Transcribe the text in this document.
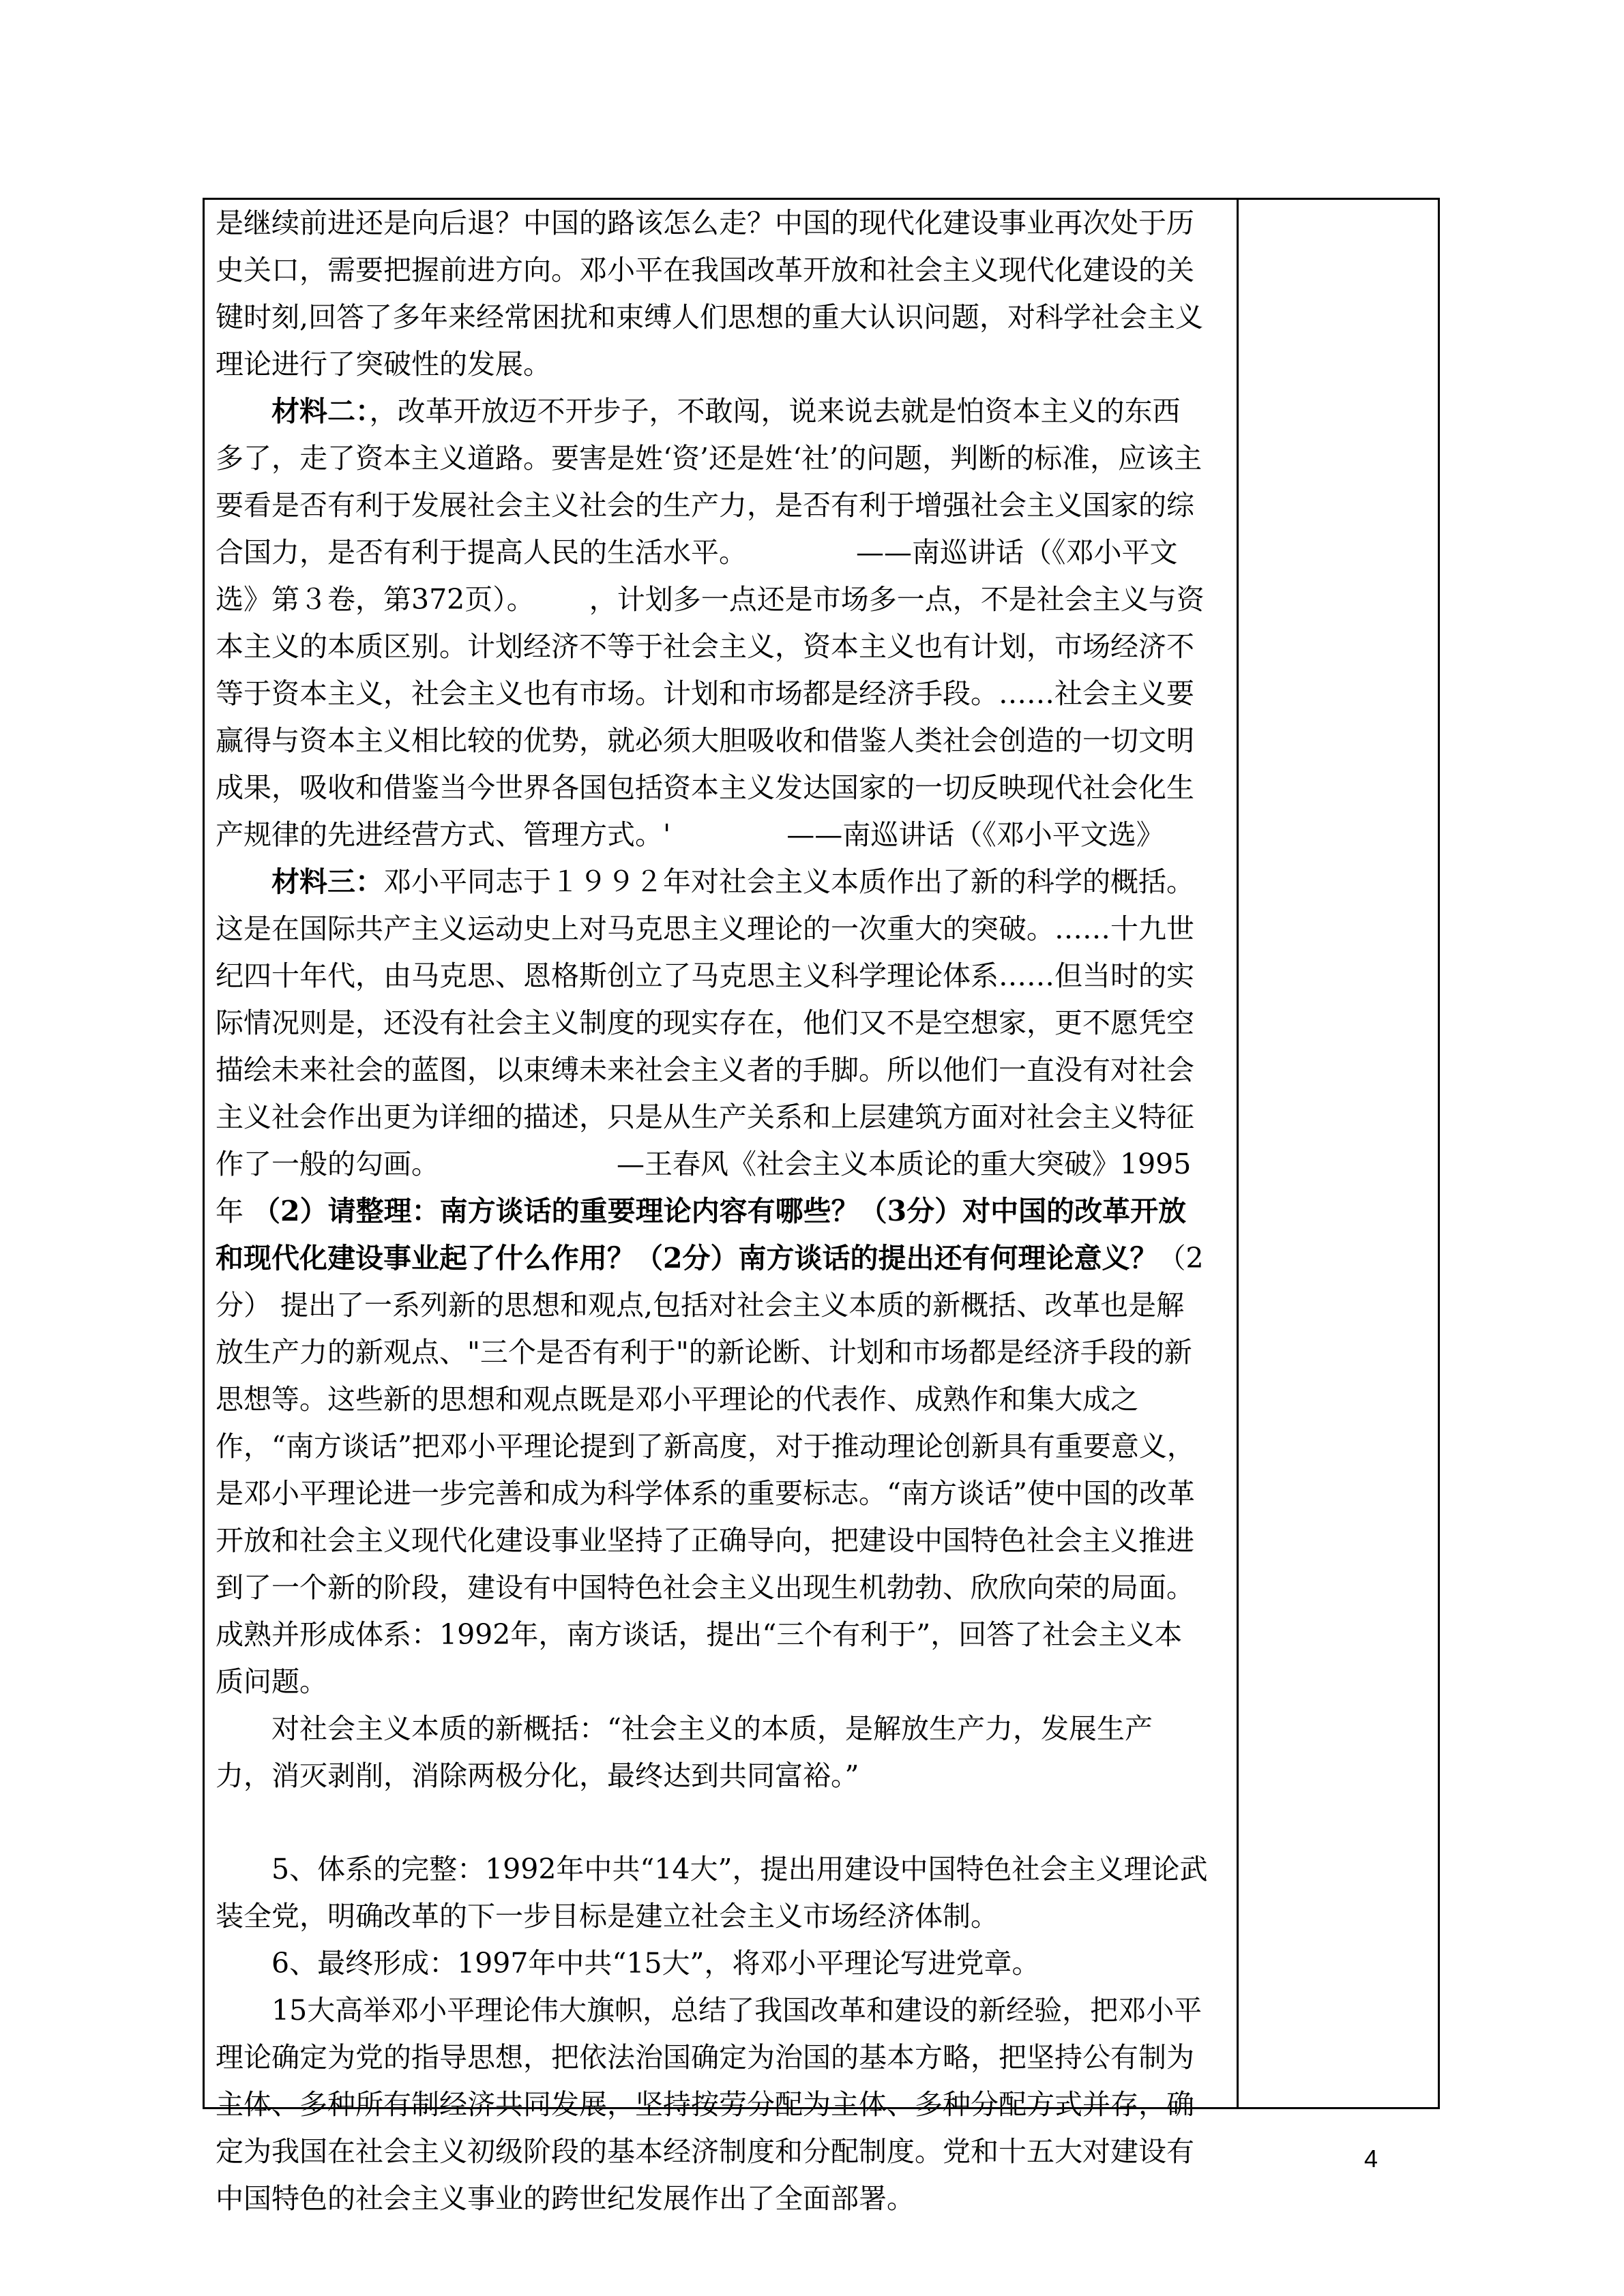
是继续前进还是向后退？中国的路该怎么走？中国的现代化建设事业再次处于历史关口，需要把握前进方向。邓小平在我国改革开放和社会主义现代化建设的关键时刻,回答了多年来经常困扰和束缚人们思想的重大认识问题，对科学社会主义理论进行了突破性的发展。

材料二：，改革开放迈不开步子，不敢闯，说来说去就是怕资本主义的东西多了，走了资本主义道路。要害是姓‘资’还是姓‘社’的问题，判断的标准，应该主要看是否有利于发展社会主义社会的生产力，是否有利于增强社会主义国家的综合国力，是否有利于提高人民的生活水平。	——南巡讲话（《邓小平文选》第３卷，第372页）。 ，计划多一点还是市场多一点，不是社会主义与资本主义的本质区别。计划经济不等于社会主义，资本主义也有计划，市场经济不等于资本主义，社会主义也有市场。计划和市场都是经济手段。……社会主义要赢得与资本主义相比较的优势，就必须大胆吸收和借鉴人类社会创造的一切文明成果，吸收和借鉴当今世界各国包括资本主义发达国家的一切反映现代社会化生产规律的先进经营方式、管理方式。'	——南巡讲话（《邓小平文选》

材料三：邓小平同志于１９９２年对社会主义本质作出了新的科学的概括。这是在国际共产主义运动史上对马克思主义理论的一次重大的突破。……十九世纪四十年代，由马克思、恩格斯创立了马克思主义科学理论体系……但当时的实际情况则是，还没有社会主义制度的现实存在，他们又不是空想家，更不愿凭空描绘未来社会的蓝图，以束缚未来社会主义者的手脚。所以他们一直没有对社会主义社会作出更为详细的描述，只是从生产关系和上层建筑方面对社会主义特征作了一般的勾画。	—王春风《社会主义本质论的重大突破》1995年 （2）请整理：南方谈话的重要理论内容有哪些？（3分）对中国的改革开放和现代化建设事业起了什么作用？（2分）南方谈话的提出还有何理论意义？（2分） 提出了一系列新的思想和观点,包括对社会主义本质的新概括、改革也是解放生产力的新观点、"三个是否有利于"的新论断、计划和市场都是经济手段的新思想等。这些新的思想和观点既是邓小平理论的代表作、成熟作和集大成之作，“南方谈话”把邓小平理论提到了新高度，对于推动理论创新具有重要意义，是邓小平理论进一步完善和成为科学体系的重要标志。“南方谈话”使中国的改革开放和社会主义现代化建设事业坚持了正确导向，把建设中国特色社会主义推进到了一个新的阶段，建设有中国特色社会主义出现生机勃勃、欣欣向荣的局面。成熟并形成体系：1992年，南方谈话，提出“三个有利于”，回答了社会主义本质问题。

对社会主义本质的新概括：“社会主义的本质，是解放生产力，发展生产力，消灭剥削，消除两极分化，最终达到共同富裕。”

5、体系的完整：1992年中共“14大”，提出用建设中国特色社会主义理论武装全党，明确改革的下一步目标是建立社会主义市场经济体制。

6、最终形成：1997年中共“15大”，将邓小平理论写进党章。

15大高举邓小平理论伟大旗帜，总结了我国改革和建设的新经验，把邓小平理论确定为党的指导思想，把依法治国确定为治国的基本方略，把坚持公有制为主体、多种所有制经济共同发展，坚持按劳分配为主体、多种分配方式并存，确定为我国在社会主义初级阶段的基本经济制度和分配制度。党和十五大对建设有中国特色的社会主义事业的跨世纪发展作出了全面部署。

4
